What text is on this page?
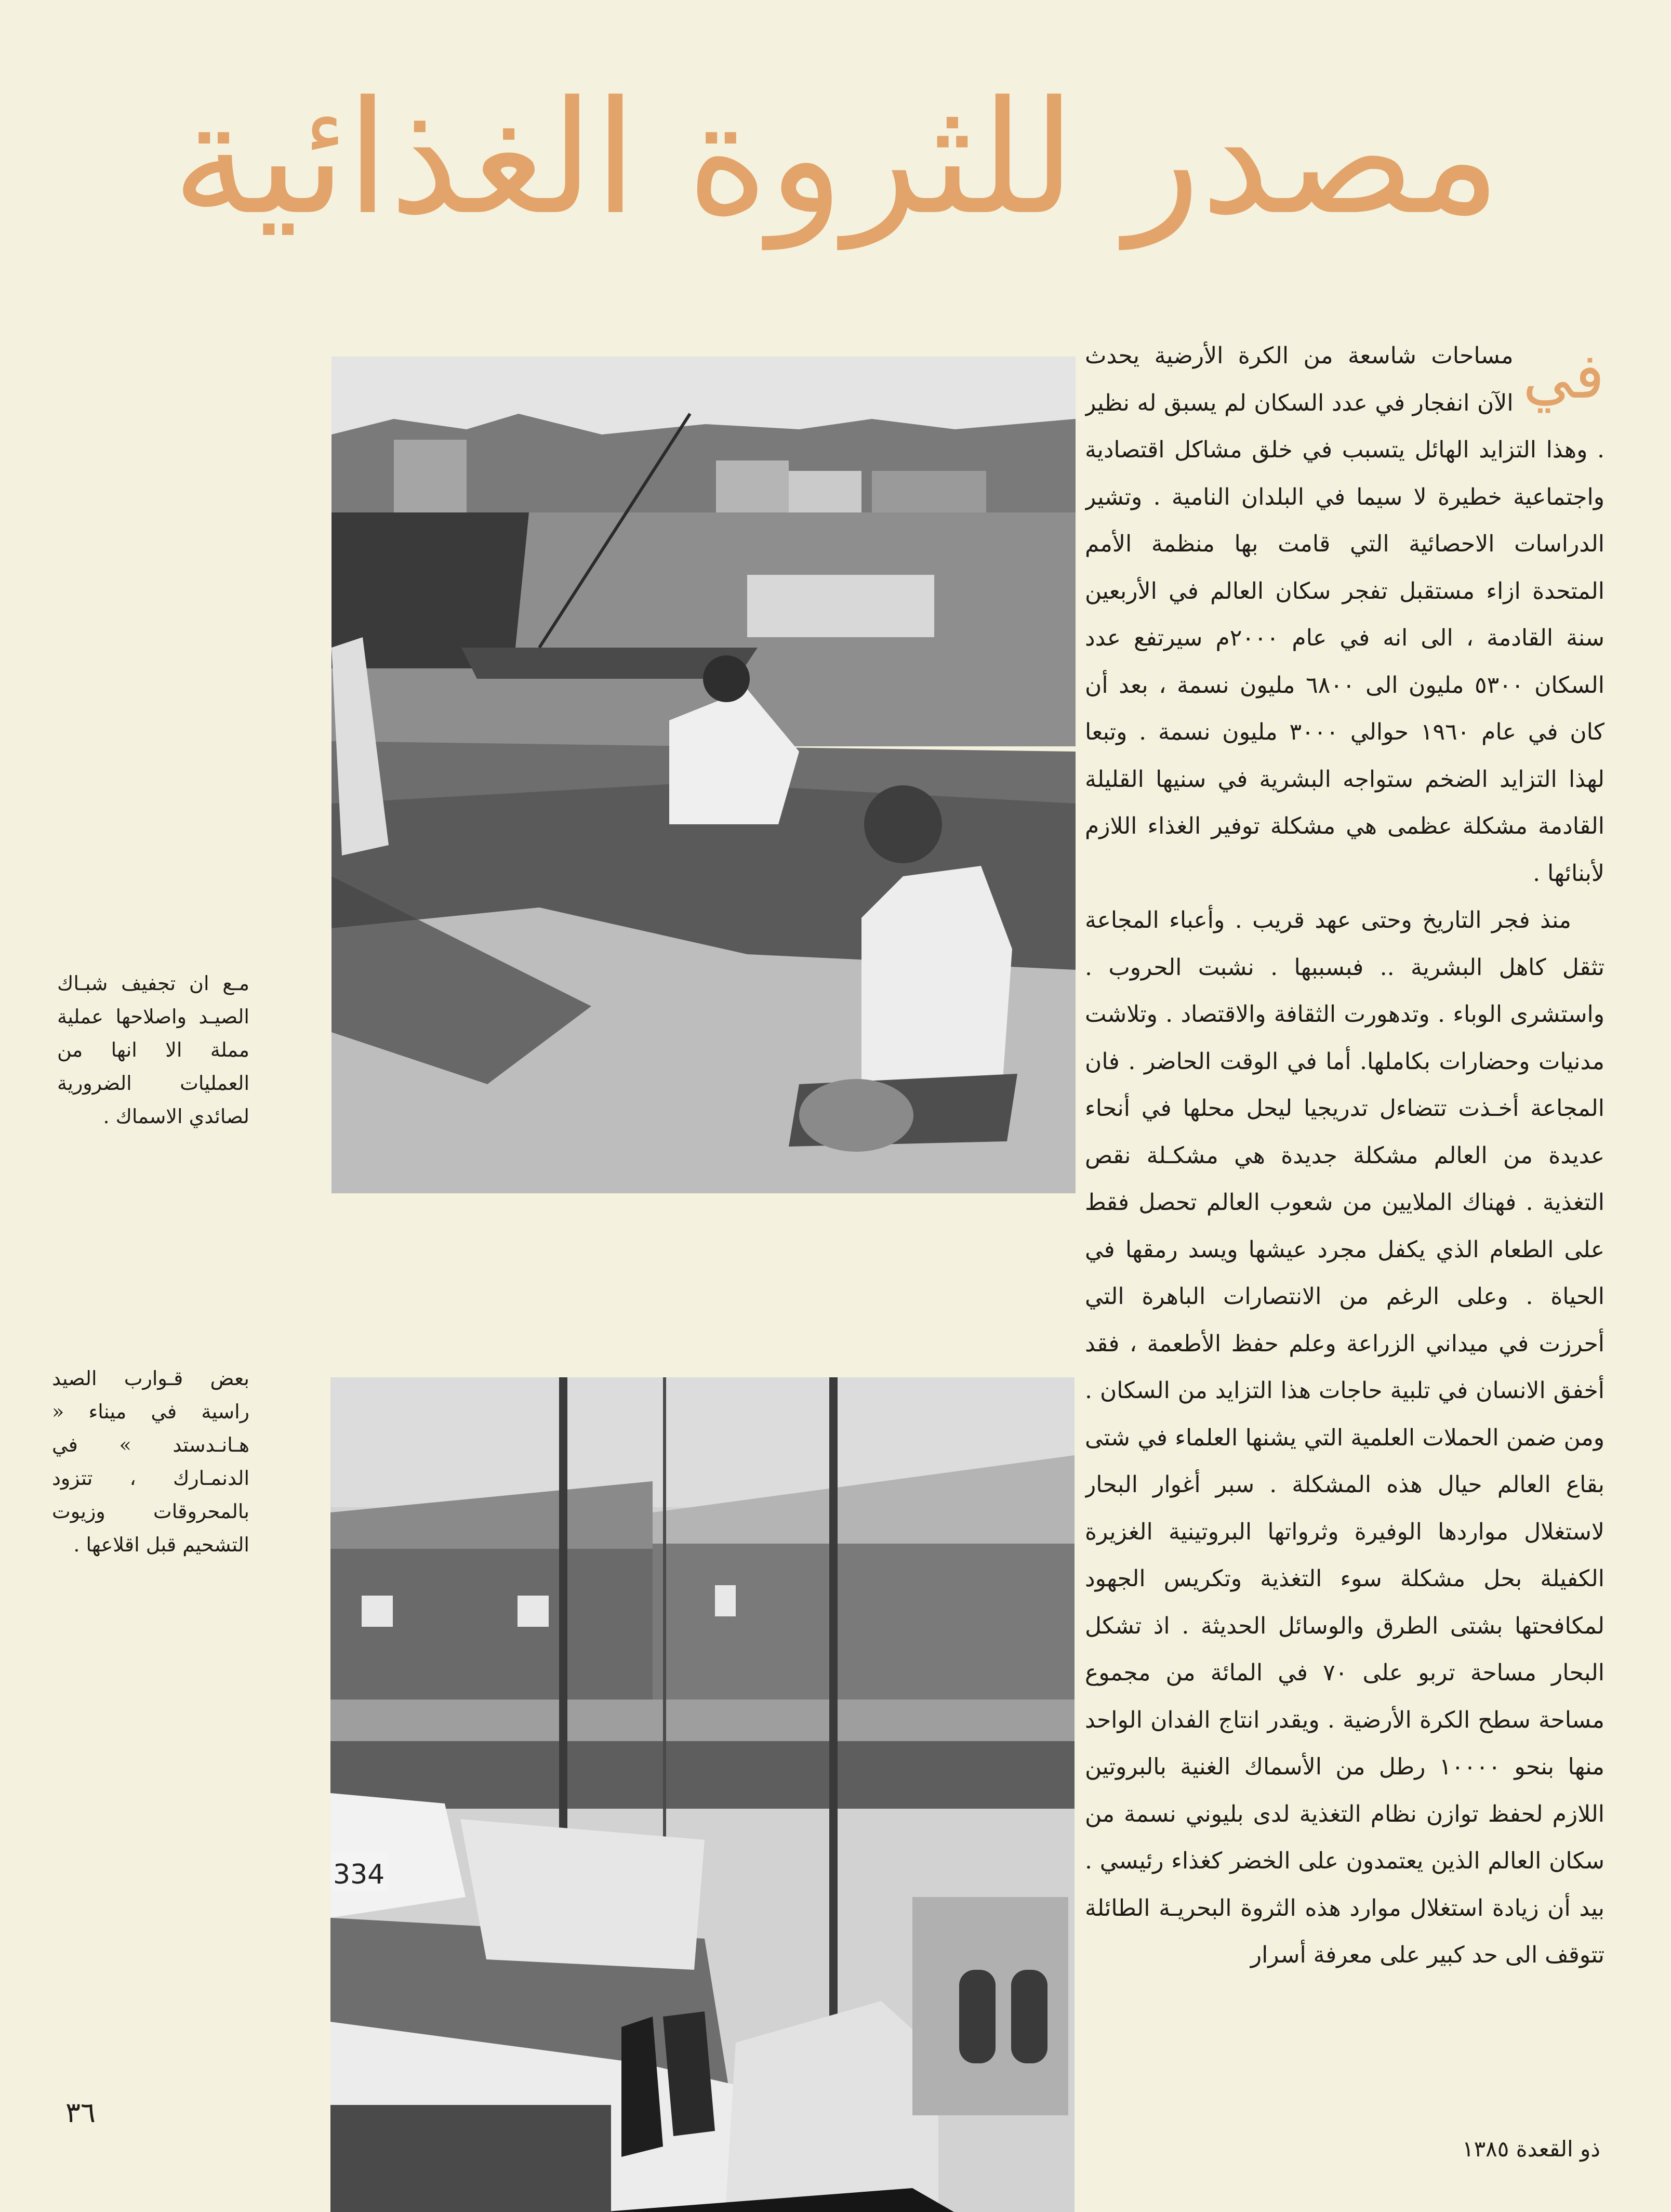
مصدر للثروة الغذائية
334
في

مساحات شاسعة من الكرة الأرضية يحدث الآن انفجار في عدد السكان لم يسبق له نظير . وهذا التزايد الهائل يتسبب في خلق مشاكل اقتصادية واجتماعية خطيرة لا سيما في البلدان النامية . وتشير الدراسات الاحصائية التي قامت بها منظمة الأمم المتحدة ازاء مستقبل تفجر سكان العالم في الأربعين سنة القادمة ، الى انه في عام ٢٠٠٠م سيرتفع عدد السكان ٥٣٠٠ مليون الى ٦٨٠٠ مليون نسمة ، بعد أن كان في عام ١٩٦٠ حوالي ٣٠٠٠ مليون نسمة . وتبعا لهذا التزايد الضخم ستواجه البشرية في سنيها القليلة القادمة مشكلة عظمى هي مشكلة توفير الغذاء اللازم لأبنائها .

منذ فجر التاريخ وحتى عهد قريب . وأعباء المجاعة تثقل كاهل البشرية .. فبسببها . نشبت الحروب . واستشرى الوباء . وتدهورت الثقافة والاقتصاد . وتلاشت مدنيات وحضارات بكاملها. أما في الوقت الحاضر . فان المجاعة أخـذت تتضاءل تدريجيا ليحل محلها في أنحاء عديدة من العالم مشكلة جديدة هي مشكـلة نقص التغذية . فهناك الملايين من شعوب العالم تحصل فقط على الطعام الذي يكفل مجرد عيشها ويسد رمقها في الحياة . وعلى الرغم من الانتصارات الباهرة التي أحرزت في ميداني الزراعة وعلم حفظ الأطعمة ، فقد أخفق الانسان في تلبية حاجات هذا التزايد من السكان . ومن ضمن الحملات العلمية التي يشنها العلماء في شتى بقاع العالم حيال هذه المشكلة . سبر أغوار البحار لاستغلال مواردها الوفيرة وثرواتها البروتينية الغزيرة الكفيلة بحل مشكلة سوء التغذية وتكريس الجهود لمكافحتها بشتى الطرق والوسائل الحديثة . اذ تشكل البحار مساحة تربو على ٧٠ في المائة من مجموع مساحة سطح الكرة الأرضية . ويقدر انتاج الفدان الواحد منها بنحو ١٠٠٠٠ رطل من الأسماك الغنية بالبروتين اللازم لحفظ توازن نظام التغذية لدى بليوني نسمة من سكان العالم الذين يعتمدون على الخضر كغذاء رئيسي . بيد أن زيادة استغلال موارد هذه الثروة البحريـة الطائلة تتوقف الى حد كبير على معرفة أسرار

مـع ان تجفيف شبـاك الصيـد واصلاحها عملية مملة الا انها من العمليات الضرورية لصائدي الاسماك .
بعض قـوارب الصيد راسية في ميناء « هـانـدستد » في الدنمـارك ، تتزود بالمحروقات وزيوت التشحيم قبل اقلاعها .
٣٦
ذو القعدة ١٣٨٥
